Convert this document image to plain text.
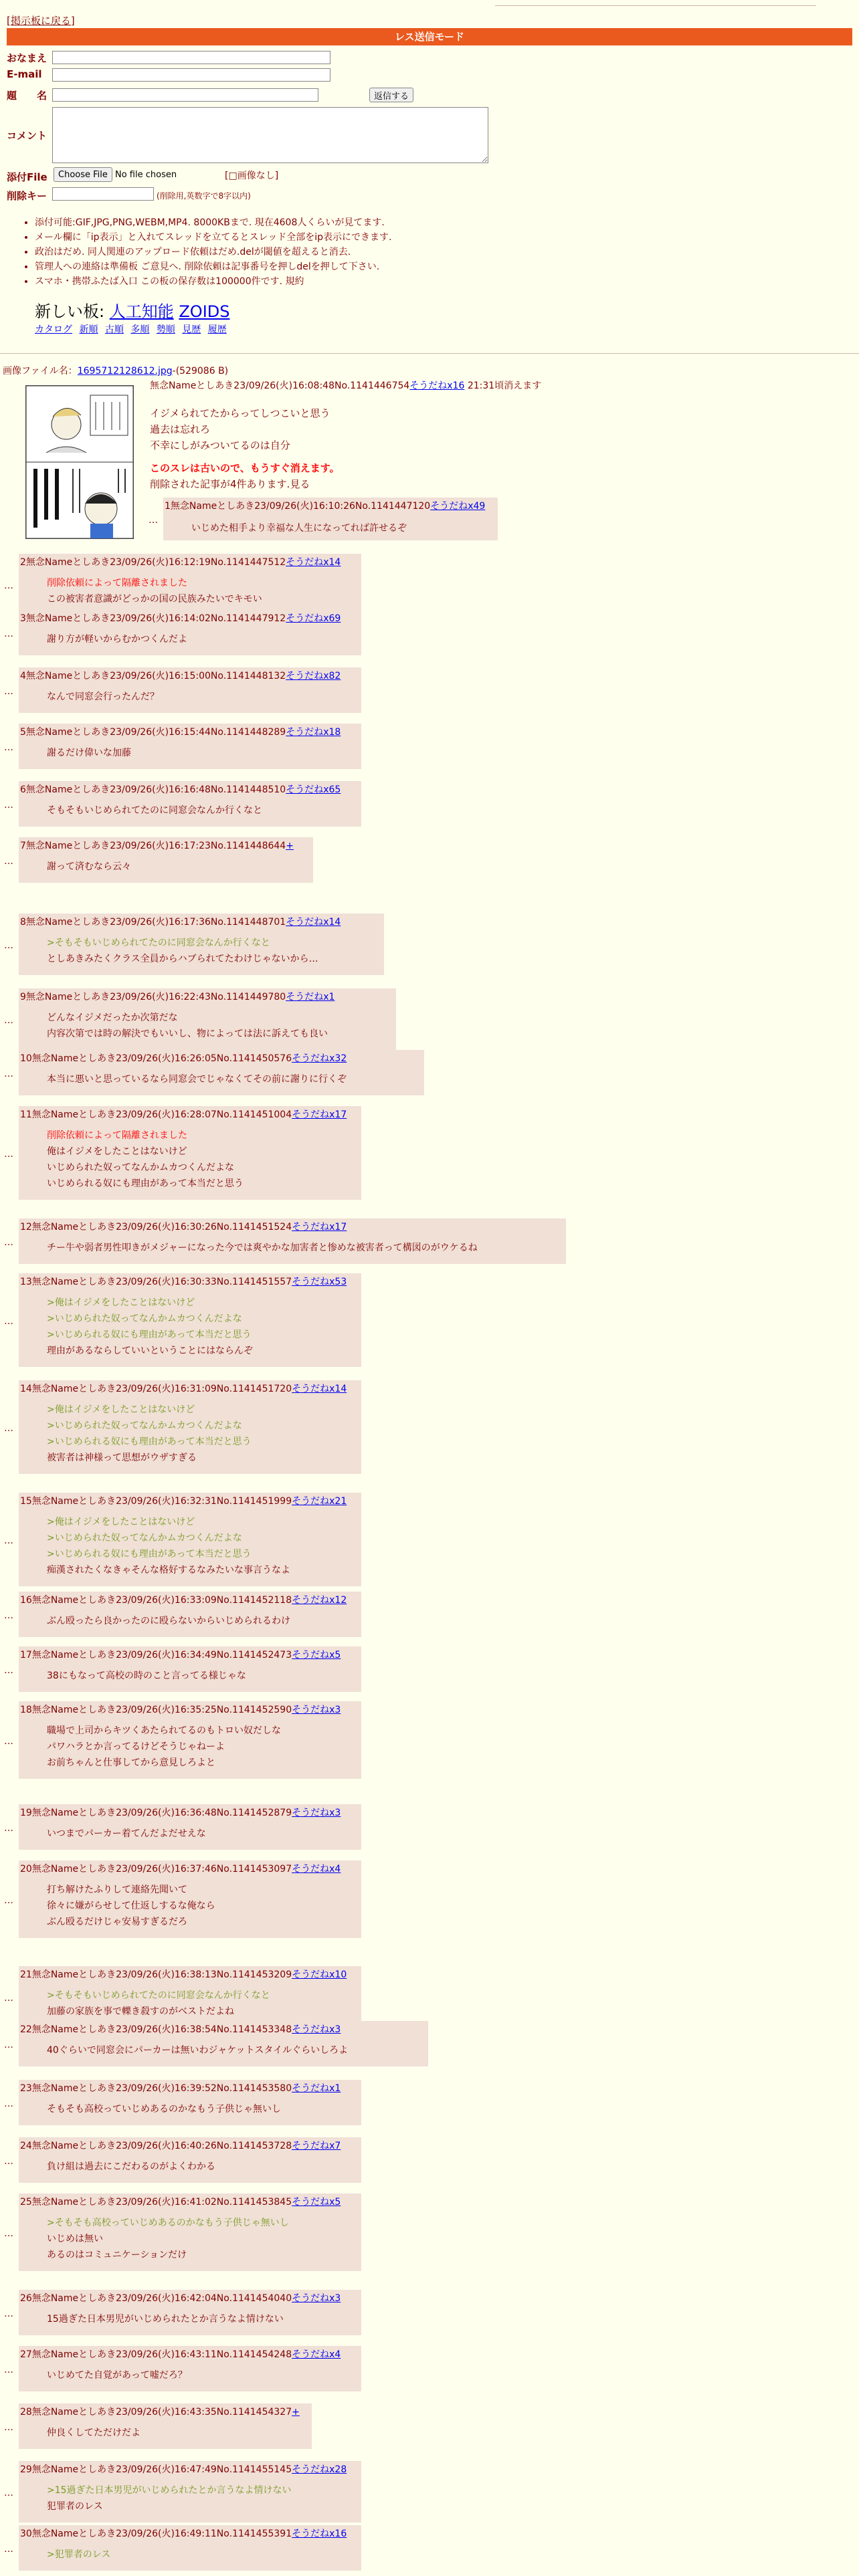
[掲示板に戻る]
レス送信モード
おなまえ
E-mail
題　　名	返信する
コメント
添付File	Choose File No file chosen	[□画像なし]
削除キー	(削除用,英数字で8字以内)
• 添付可能:GIF,JPG,PNG,WEBM,MP4. 8000KBまで. 現在4608人くらいが見てます.
• メール欄に「ip表示」と入れてスレッドを立てるとスレッド全部をip表示にできます.
• 政治はだめ. 同人関連のアップロード依頼はだめ.delが閾値を超えると消去.
• 管理人への連絡は準備板 ご意見へ. 削除依頼は記事番号を押しdelを押して下さい.
• スマホ・携帯ふたば入口 この板の保存数は100000件です. 規約
新しい板: 人工知能 ZOIDS
カタログ 新順 古順 多順 勢順 見歴 履歴
画像ファイル名：1695712128612.jpg-(529086 B)
無念Nameとしあき23/09/26(火)16:08:48No.1141446754そうだねx16 21:31頃消えます
イジメられてたからってしつこいと思う
過去は忘れろ
不幸にしがみついてるのは自分
このスレは古いので、もうすぐ消えます。
削除された記事が4件あります.見る
1無念Nameとしあき23/09/26(火)16:10:26No.1141447120そうだねx49
いじめた相手より幸福な人生になってれば許せるぞ
…
2無念Nameとしあき23/09/26(火)16:12:19No.1141447512そうだねx14
削除依頼によって隔離されました
この被害者意識がどっかの国の民族みたいでキモい
…
3無念Nameとしあき23/09/26(火)16:14:02No.1141447912そうだねx69
謝り方が軽いからむかつくんだよ
…
4無念Nameとしあき23/09/26(火)16:15:00No.1141448132そうだねx82
なんで同窓会行ったんだ？
…
5無念Nameとしあき23/09/26(火)16:15:44No.1141448289そうだねx18
謝るだけ偉いな加藤
…
6無念Nameとしあき23/09/26(火)16:16:48No.1141448510そうだねx65
そもそもいじめられてたのに同窓会なんか行くなと
…
7無念Nameとしあき23/09/26(火)16:17:23No.1141448644+
謝って済むなら云々
…
8無念Nameとしあき23/09/26(火)16:17:36No.1141448701そうだねx14
>そもそもいじめられてたのに同窓会なんか行くなと
としあきみたくクラス全員からハブられてたわけじゃないから…
…
9無念Nameとしあき23/09/26(火)16:22:43No.1141449780そうだねx1
どんなイジメだったか次第だな
内容次第では時の解決でもいいし、物によっては法に訴えても良い
…
10無念Nameとしあき23/09/26(火)16:26:05No.1141450576そうだねx32
本当に悪いと思っているなら同窓会でじゃなくてその前に謝りに行くぞ
…
11無念Nameとしあき23/09/26(火)16:28:07No.1141451004そうだねx17
削除依頼によって隔離されました
俺はイジメをしたことはないけど
いじめられた奴ってなんかムカつくんだよな
いじめられる奴にも理由があって本当だと思う
…
12無念Nameとしあき23/09/26(火)16:30:26No.1141451524そうだねx17
チー牛や弱者男性叩きがメジャーになった今では爽やかな加害者と惨めな被害者って構図のがウケるね
…
13無念Nameとしあき23/09/26(火)16:30:33No.1141451557そうだねx53
>俺はイジメをしたことはないけど
>いじめられた奴ってなんかムカつくんだよな
>いじめられる奴にも理由があって本当だと思う
理由があるならしていいということにはならんぞ
…
14無念Nameとしあき23/09/26(火)16:31:09No.1141451720そうだねx14
>俺はイジメをしたことはないけど
>いじめられた奴ってなんかムカつくんだよな
>いじめられる奴にも理由があって本当だと思う
被害者は神様って思想がウザすぎる
…
15無念Nameとしあき23/09/26(火)16:32:31No.1141451999そうだねx21
>俺はイジメをしたことはないけど
>いじめられた奴ってなんかムカつくんだよな
>いじめられる奴にも理由があって本当だと思う
痴漢されたくなきゃそんな格好するなみたいな事言うなよ
…
16無念Nameとしあき23/09/26(火)16:33:09No.1141452118そうだねx12
ぶん殴ったら良かったのに殴らないからいじめられるわけ
…
17無念Nameとしあき23/09/26(火)16:34:49No.1141452473そうだねx5
38にもなって高校の時のこと言ってる様じゃな
…
18無念Nameとしあき23/09/26(火)16:35:25No.1141452590そうだねx3
職場で上司からキツくあたられてるのもトロい奴だしな
パワハラとか言ってるけどそうじゃねーよ
お前ちゃんと仕事してから意見しろよと
…
19無念Nameとしあき23/09/26(火)16:36:48No.1141452879そうだねx3
いつまでパーカー着てんだよだせえな
…
20無念Nameとしあき23/09/26(火)16:37:46No.1141453097そうだねx4
打ち解けたふりして連絡先聞いて
徐々に嫌がらせして仕返しするな俺なら
ぶん殴るだけじゃ安易すぎるだろ
…
21無念Nameとしあき23/09/26(火)16:38:13No.1141453209そうだねx10
>そもそもいじめられてたのに同窓会なんか行くなと
加藤の家族を事で轢き殺すのがベストだよね
…
22無念Nameとしあき23/09/26(火)16:38:54No.1141453348そうだねx3
40ぐらいで同窓会にパーカーは無いわジャケットスタイルぐらいしろよ
…
23無念Nameとしあき23/09/26(火)16:39:52No.1141453580そうだねx1
そもそも高校っていじめあるのかなもう子供じゃ無いし
…
24無念Nameとしあき23/09/26(火)16:40:26No.1141453728そうだねx7
負け組は過去にこだわるのがよくわかる
…
25無念Nameとしあき23/09/26(火)16:41:02No.1141453845そうだねx5
>そもそも高校っていじめあるのかなもう子供じゃ無いし
いじめは無い
あるのはコミュニケーションだけ
…
26無念Nameとしあき23/09/26(火)16:42:04No.1141454040そうだねx3
15過ぎた日本男児がいじめられたとか言うなよ情けない
…
27無念Nameとしあき23/09/26(火)16:43:11No.1141454248そうだねx4
いじめてた自覚があって嘘だろ？
…
28無念Nameとしあき23/09/26(火)16:43:35No.1141454327+
仲良くしてただけだよ
…
29無念Nameとしあき23/09/26(火)16:47:49No.1141455145そうだねx28
>15過ぎた日本男児がいじめられたとか言うなよ情けない
犯罪者のレス
…
30無念Nameとしあき23/09/26(火)16:49:11No.1141455391そうだねx16
>犯罪者のレス
…
